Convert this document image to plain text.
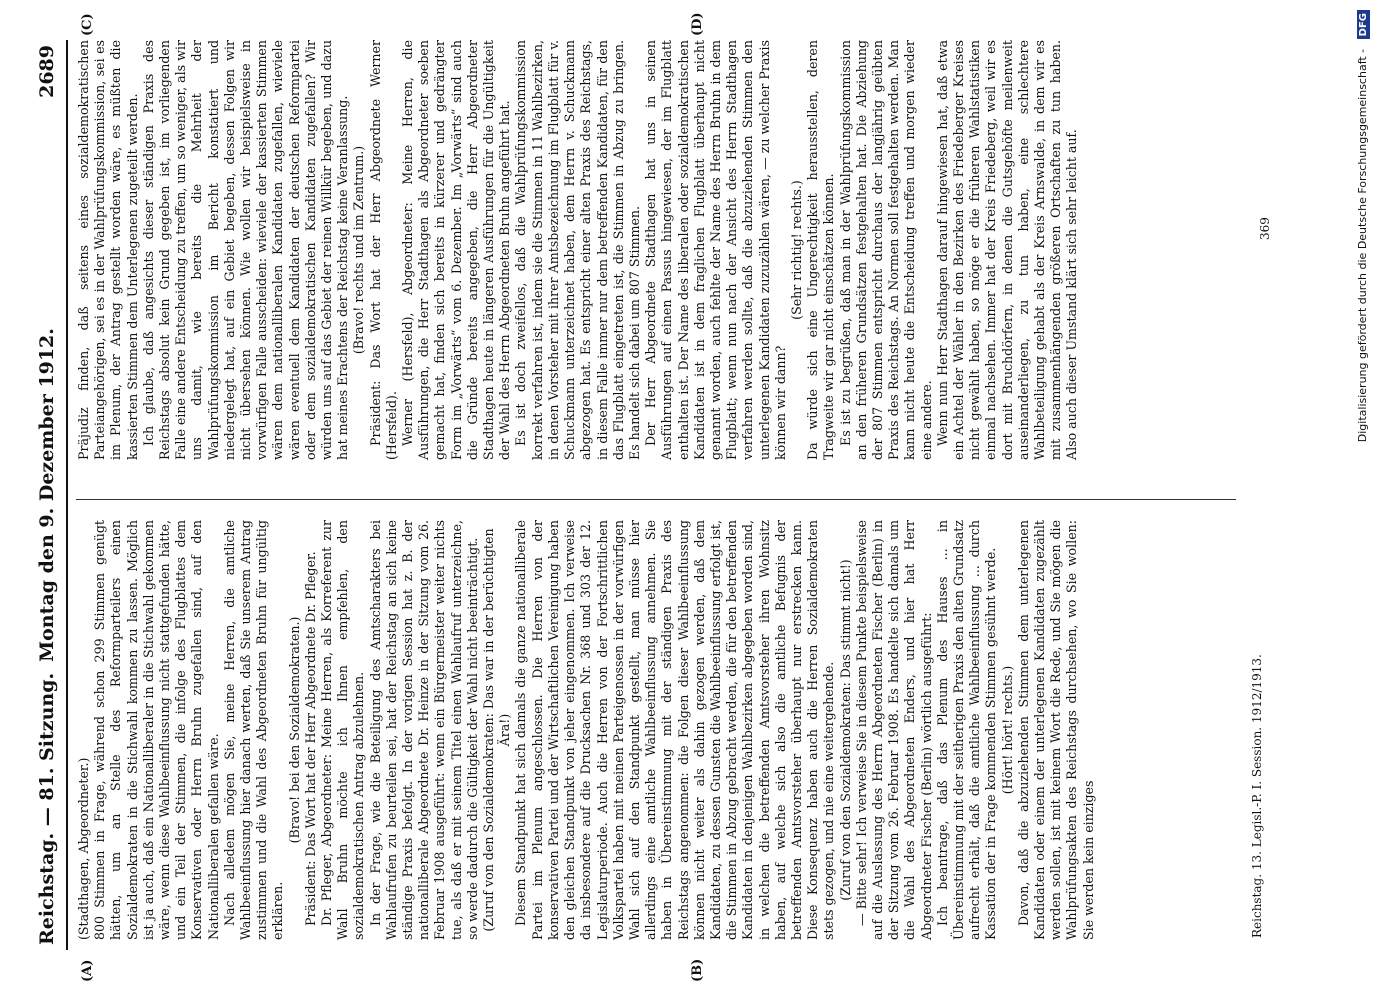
Reichstag. — 81. Sitzung.
Montag den 9. Dezember 1912.
2689
(A)	(B)
(C)	(D)

(Stadthagen, Abgeordneter.) 800 Stimmen in Frage, während schon 299 Stimmen genügt hätten, um an Stelle des Reformparteilers einen Sozialdemokraten in die Stichwahl kommen zu lassen. Möglich ist ja auch, daß ein Nationalliberaler in die Stichwahl gekommen wäre, wenn diese Wahlbeeinflussung nicht stattgefunden hätte, und ein Teil der Stimmen, die infolge des Flugblattes dem Konservativen oder Herrn Bruhn zugefallen sind, auf den Nationalliberalen gefallen wäre. Nach alledem mögen Sie, meine Herren, die amtliche Wahlbeeinflussung hier danach werten, daß Sie unserem Antrag zustimmen und die Wahl des Abgeordneten Bruhn für ungültig erklären.

(Bravo! bei den Sozialdemokraten.) Präsident: Das Wort hat der Herr Abgeordnete Dr. Pfleger. Dr. Pfleger, Abgeordneter: Meine Herren, als Korreferent zur Wahl Bruhn möchte ich Ihnen empfehlen, den sozialdemokratischen Antrag abzulehnen. In der Frage, wie die Beteiligung des Amtscharakters bei Wahlaufrufen zu beurteilen sei, hat der Reichstag an sich keine ständige Praxis befolgt. In der vorigen Session hat z. B. der nationalliberale Abgeordnete Dr. Heinze in der Sitzung vom 26. Februar 1908 ausgeführt: wenn ein Bürgermeister weiter nichts tue, als daß er mit seinem Titel einen Wahlaufruf unterzeichne, so werde dadurch die Gültigkeit der Wahl nicht beeinträchtigt. (Zuruf von den Sozialdemokraten: Das war in der berüchtigten Ära!) Diesem Standpunkt hat sich damals die ganze nationalliberale Partei im Plenum angeschlossen. Die Herren von der konservativen Partei und der Wirtschaftlichen Vereinigung haben den gleichen Standpunkt von jeher eingenommen. Ich verweise da insbesondere auf die Drucksachen Nr. 368 und 303 der 12. Legislaturperiode. Auch die Herren von der Fortschrittlichen Volkspartei haben mit meinen Parteigenossen in der vorwürfigen Wahl sich auf den Standpunkt gestellt, man müsse hier allerdings eine amtliche Wahlbeeinflussung annehmen. Sie haben in Übereinstimmung mit der ständigen Praxis des Reichstags angenommen: die Folgen dieser Wahlbeeinflussung können nicht weiter als dahin gezogen werden, daß dem Kandidaten, zu dessen Gunsten die Wahlbeeinflussung erfolgt ist, die Stimmen in Abzug gebracht werden, die für den betreffenden Kandidaten in denjenigen Wahlbezirken abgegeben worden sind, in welchen die betreffenden Amtsvorsteher ihren Wohnsitz haben, auf welche sich also die amtliche Befugnis der betreffenden Amtsvorsteher überhaupt nur erstrecken kann. Diese Konsequenz haben auch die Herren Sozialdemokraten stets gezogen, und nie eine weitergehende. (Zuruf von den Sozialdemokraten: Das stimmt nicht!) — Bitte sehr! Ich verweise Sie in diesem Punkte beispielsweise auf die Auslassung des Herrn Abgeordneten Fischer (Berlin) in der Sitzung vom 26. Februar 1908. Es handelte sich damals um die Wahl des Abgeordneten Enders, und hier hat Herr Abgeordneter Fischer (Berlin) wörtlich ausgeführt: Ich beantrage, daß das Plenum des Hauses ... in Übereinstimmung mit der seitherigen Praxis den alten Grundsatz aufrecht erhält, daß die amtliche Wahlbeeinflussung ... durch Kassation der in Frage kommenden Stimmen gesühnt werde. (Hört! hört! rechts.) Davon, daß die abzuziehenden Stimmen dem unterlegenen Kandidaten oder einem der unterlegenen Kandidaten zugezählt werden sollen, ist mit keinem Wort die Rede, und Sie mögen die Wahlprüfungsakten des Reichstags durchsehen, wo Sie wollen: Sie werden kein einziges

Präjudiz finden, daß seitens eines sozialdemokratischen Parteiangehörigen, sei es in der Wahlprüfungskommission, sei es im Plenum, der Antrag gestellt worden wäre, es müßten die kassierten Stimmen dem Unterlegenen zugeteilt werden. Ich glaube, daß angesichts dieser ständigen Praxis des Reichstags absolut kein Grund gegeben ist, im vorliegenden Falle eine andere Entscheidung zu treffen, um so weniger, als wir uns damit, wie bereits die Mehrheit der Wahlprüfungskommission im Bericht konstatiert und niedergelegt hat, auf ein Gebiet begeben, dessen Folgen wir nicht übersehen können. Wie wollen wir beispielsweise in vorwürfigen Falle ausscheiden: wieviele der kassierten Stimmen wären dem nationalliberalen Kandidaten zugefallen, wieviele wären eventuell dem Kandidaten der deutschen Reformpartei oder dem sozialdemokratischen Kandidaten zugefallen? Wir würden uns auf das Gebiet der reinen Willkür begeben, und dazu hat meines Erachtens der Reichstag keine Veranlassung. (Bravo! rechts und im Zentrum.) Präsident: Das Wort hat der Herr Abgeordnete Werner (Hersfeld). Werner (Hersfeld), Abgeordneter: Meine Herren, die Ausführungen, die Herr Stadthagen als Abgeordneter soeben gemacht hat, finden sich bereits in kürzerer und gedrängter Form im „Vorwärts“ vom 6. Dezember. Im „Vorwärts“ sind auch die Gründe bereits angegeben, die Herr Abgeordneter Stadthagen heute in längeren Ausführungen für die Ungültigkeit der Wahl des Herrn Abgeordneten Bruhn angeführt hat. Es ist doch zweifellos, daß die Wahlprüfungskommission korrekt verfahren ist, indem sie die Stimmen in 11 Wahlbezirken, in denen Vorsteher mit ihrer Amtsbezeichnung im Flugblatt für v. Schuckmann unterzeichnet haben, dem Herrn v. Schuckmann abgezogen hat. Es entspricht einer alten Praxis des Reichstags, in diesem Falle immer nur dem betreffenden Kandidaten, für den das Flugblatt eingetreten ist, die Stimmen in Abzug zu bringen. Es handelt sich dabei um 807 Stimmen. Der Herr Abgeordnete Stadthagen hat uns in seinen Ausführungen auf einen Passus hingewiesen, der im Flugblatt enthalten ist. Der Name des liberalen oder sozialdemokratischen Kandidaten ist in dem fraglichen Flugblatt überhaupt nicht genannt worden, auch fehlte der Name des Herrn Bruhn in dem Flugblatt; wenn nun nach der Ansicht des Herrn Stadthagen verfahren werden sollte, daß die abzuziehenden Stimmen den unterlegenen Kandidaten zuzuzählen wären, — zu welcher Praxis können wir dann?

(Sehr richtig! rechts.) Da würde sich eine Ungerechtigkeit herausstellen, deren Tragweite wir gar nicht einschätzen können. Es ist zu begrüßen, daß man in der Wahlprüfungskommission an den früheren Grundsätzen festgehalten hat. Die Abziehung der 807 Stimmen entspricht durchaus der langjährig geübten Praxis des Reichstags. An Normen soll festgehalten werden. Man kann nicht heute die Entscheidung treffen und morgen wieder eine andere. Wenn nun Herr Stadthagen darauf hingewiesen hat, daß etwa ein Achtel der Wähler in den Bezirken des Friedeberger Kreises nicht gewählt haben, so möge er die früheren Wahlstatistiken einmal nachsehen. Immer hat der Kreis Friedeberg, weil wir es dort mit Bruchdörfern, in denen die Gutsgehöfte meilenweit auseinanderliegen, zu tun haben, eine schlechtere Wahlbeteiligung gehabt als der Kreis Arnswalde, in dem wir es mit zusammenhängenden größeren Ortschaften zu tun haben. Also auch dieser Umstand klärt sich sehr leicht auf.

Reichstag. 13. Legisl.-P. I. Session. 1912/1913.
369	Digitalisierung gefördert durch die Deutsche Forschungsgemeinschaft - DFG
